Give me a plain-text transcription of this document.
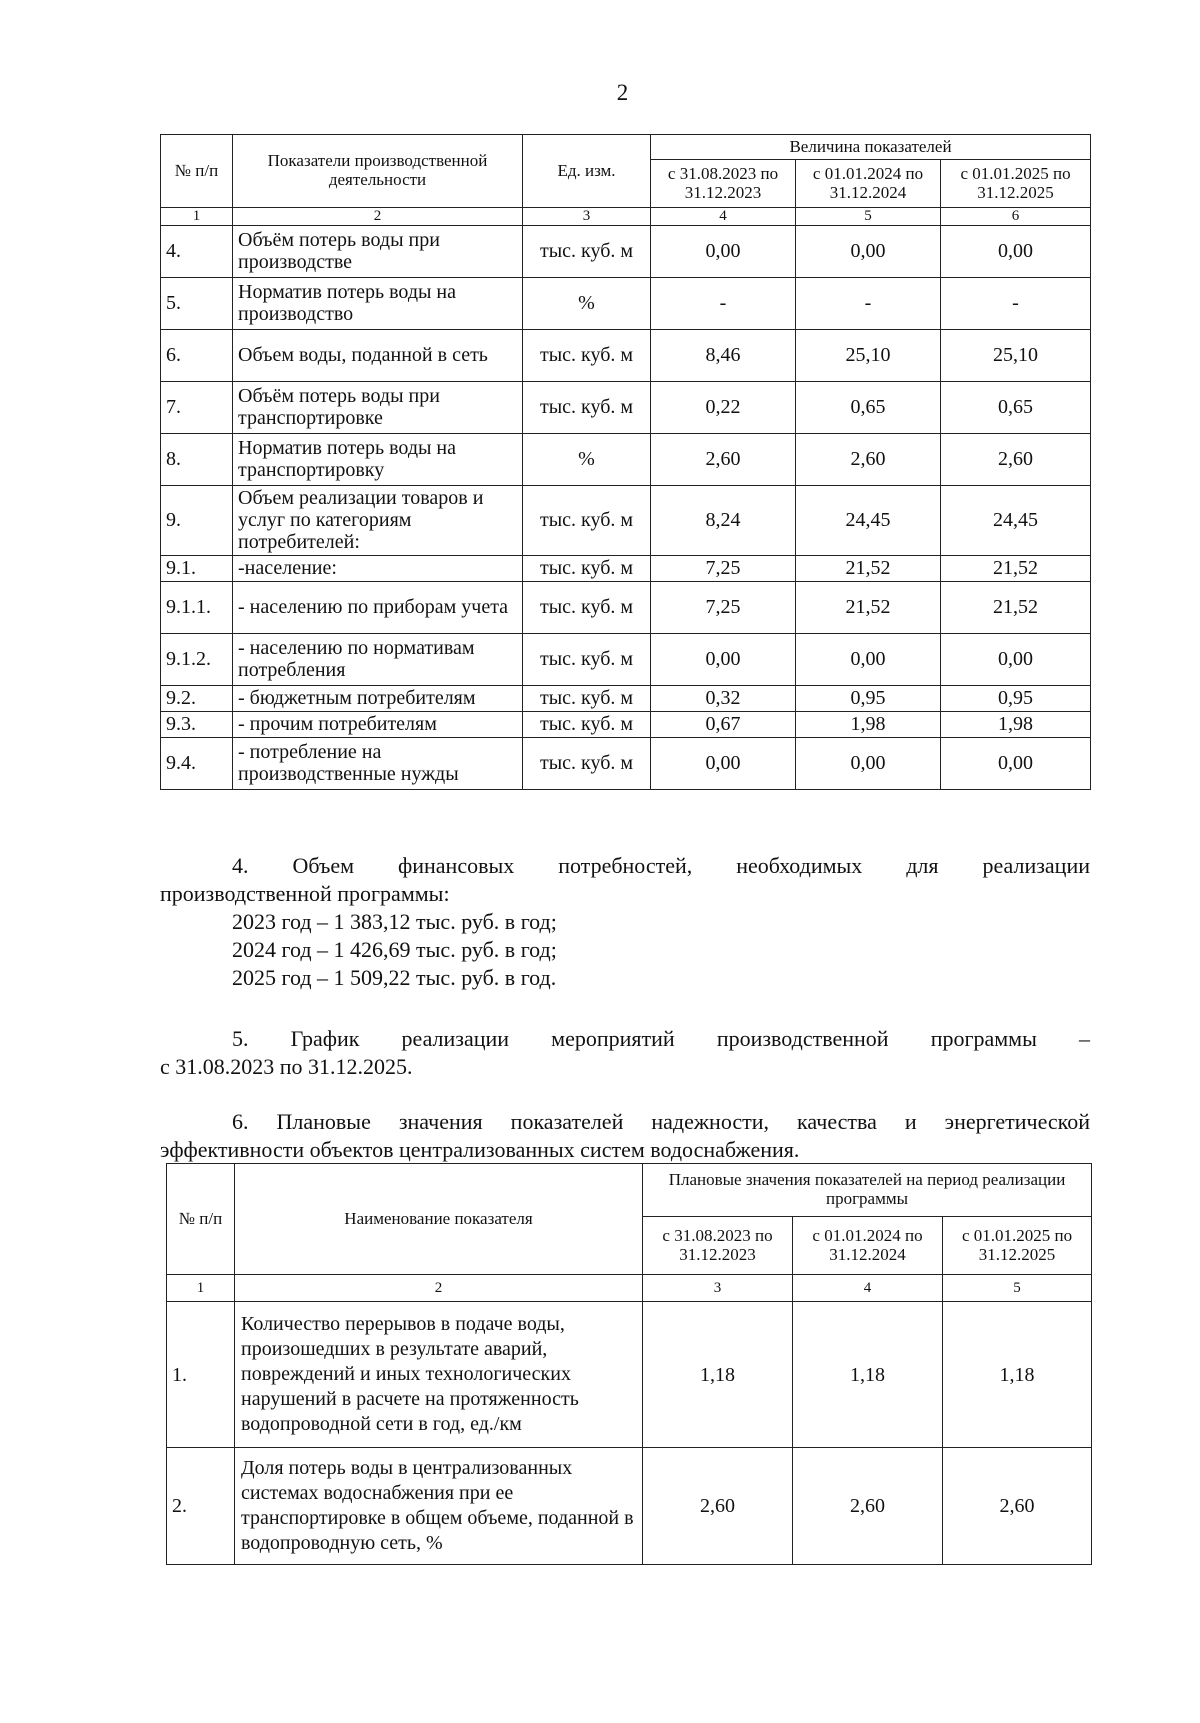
2
№ п/п	Показатели производственной деятельности	Ед. изм.	Величина показателей		
			с 31.08.2023 по 31.12.2023	с 01.01.2024 по 31.12.2024	с 01.01.2025 по 31.12.2025
1	2	3	4	5	6
4.	Объём потерь воды при производстве	тыс. куб. м	0,00	0,00	0,00
5.	Норматив потерь воды на производство	%	-	-	-
6.	Объем воды, поданной в сеть	тыс. куб. м	8,46	25,10	25,10
7.	Объём потерь воды при транспортировке	тыс. куб. м	0,22	0,65	0,65
8.	Норматив потерь воды на транспортировку	%	2,60	2,60	2,60
9.	Объем реализации товаров и услуг по категориям потребителей:	тыс. куб. м	8,24	24,45	24,45
9.1.	-население:	тыс. куб. м	7,25	21,52	21,52
9.1.1.	- населению по приборам учета	тыс. куб. м	7,25	21,52	21,52
9.1.2.	- населению по нормативам потребления	тыс. куб. м	0,00	0,00	0,00
9.2.	- бюджетным потребителям	тыс. куб. м	0,32	0,95	0,95
9.3.	- прочим потребителям	тыс. куб. м	0,67	1,98	1,98
9.4.	- потребление на производственные нужды	тыс. куб. м	0,00	0,00	0,00
4. Объем финансовых потребностей, необходимых для реализации
производственной программы:
2023 год – 1 383,12 тыс. руб. в год;
2024 год – 1 426,69 тыс. руб. в год;
2025 год – 1 509,22 тыс. руб. в год.
5. График реализации мероприятий производственной программы –
с 31.08.2023 по 31.12.2025.
6. Плановые значения показателей надежности, качества и энергетической
эффективности объектов централизованных систем водоснабжения.
№ п/п	Наименование показателя	Плановые значения показателей на период реализации программы		
		с 31.08.2023 по 31.12.2023	с 01.01.2024 по 31.12.2024	с 01.01.2025 по 31.12.2025
1	2	3	4	5
1.	Количество перерывов в подаче воды, произошедших в результате аварий, повреждений и иных технологических нарушений в расчете на протяженность водопроводной сети в год, ед./км	1,18	1,18	1,18
2.	Доля потерь воды в централизованных системах водоснабжения при ее транспортировке в общем объеме, поданной в водопроводную сеть, %	2,60	2,60	2,60
